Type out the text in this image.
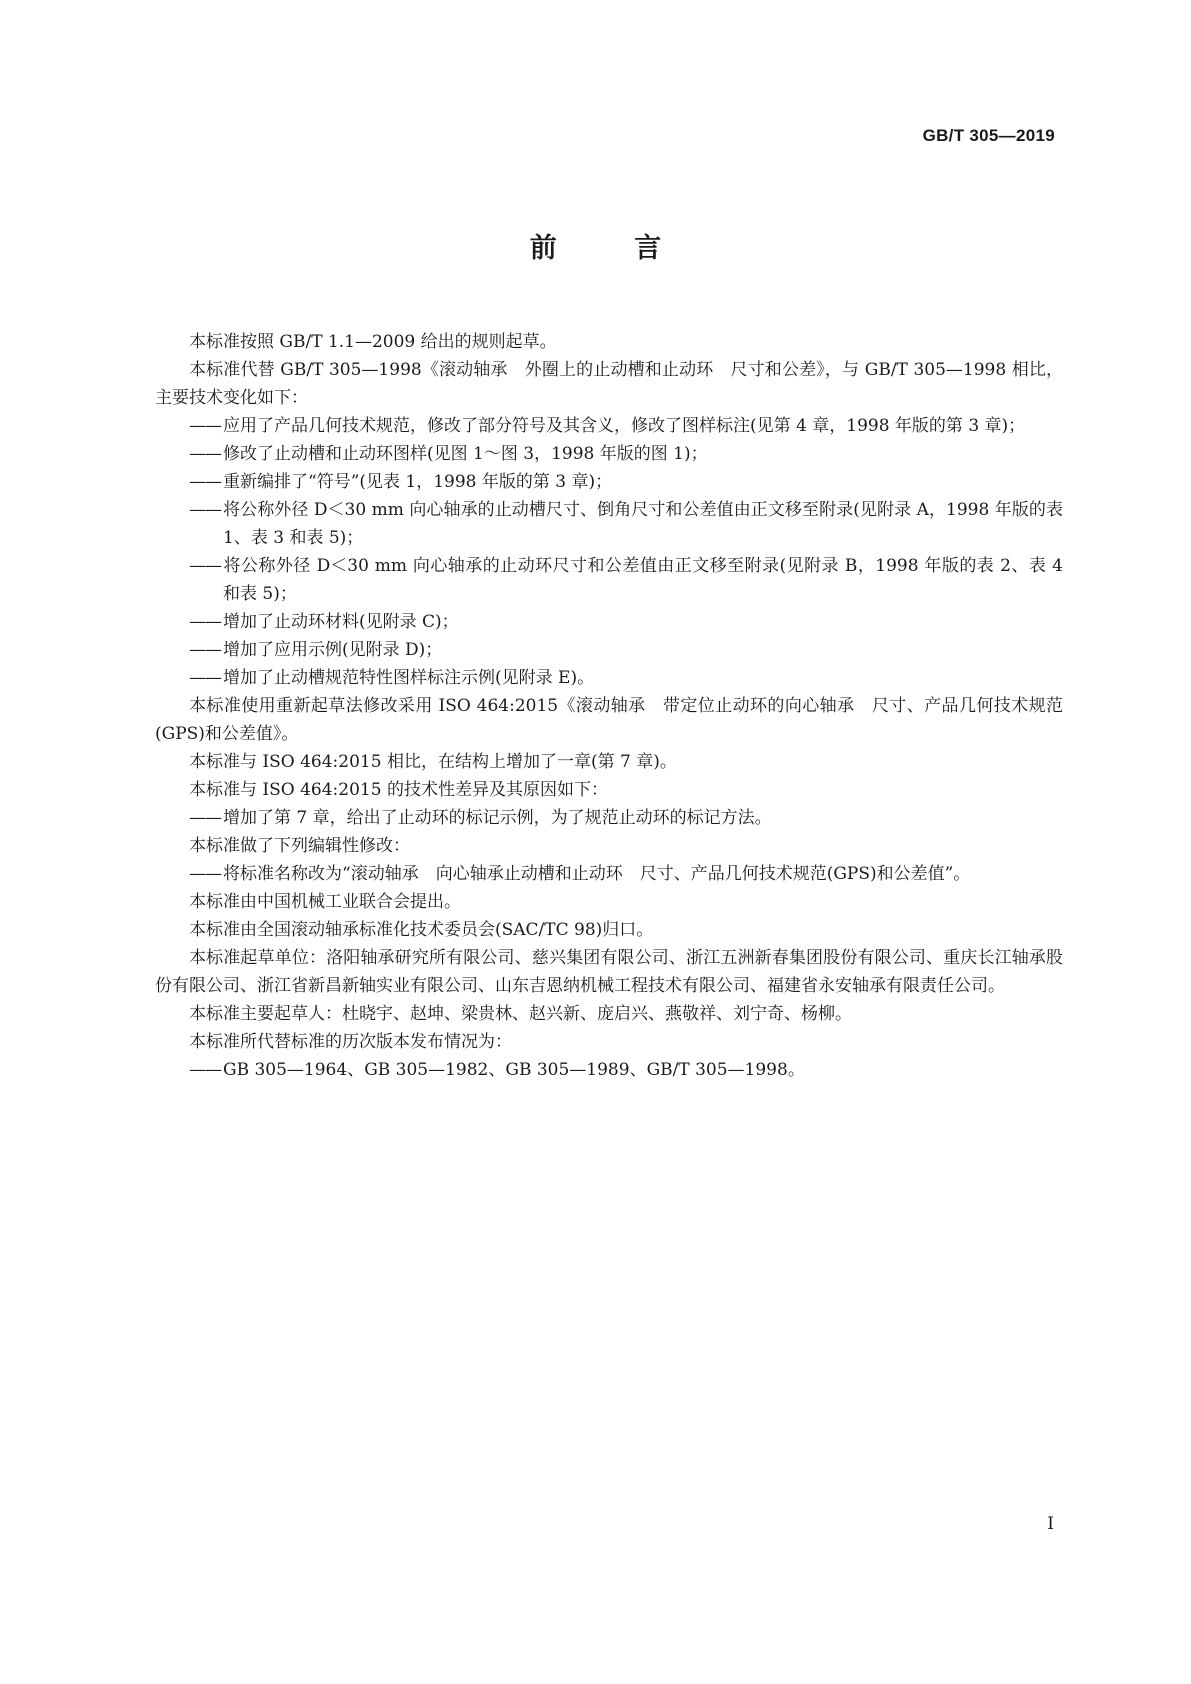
GB/T 305—2019
前 言

本标准按照 GB/T 1.1—2009 给出的规则起草。

本标准代替 GB/T 305—1998《滚动轴承　外圈上的止动槽和止动环　尺寸和公差》，与 GB/T 305—1998 相比，主要技术变化如下：

—— 应用了产品几何技术规范，修改了部分符号及其含义，修改了图样标注(见第 4 章，1998 年版的第 3 章)；

—— 修改了止动槽和止动环图样(见图 1～图 3，1998 年版的图 1)；

—— 重新编排了“符号”(见表 1，1998 年版的第 3 章)；

—— 将公称外径 D＜30 mm 向心轴承的止动槽尺寸、倒角尺寸和公差值由正文移至附录(见附录 A，1998 年版的表 1、表 3 和表 5)；

—— 将公称外径 D＜30 mm 向心轴承的止动环尺寸和公差值由正文移至附录(见附录 B，1998 年版的表 2、表 4 和表 5)；

—— 增加了止动环材料(见附录 C)；

—— 增加了应用示例(见附录 D)；

—— 增加了止动槽规范特性图样标注示例(见附录 E)。

本标准使用重新起草法修改采用 ISO 464:2015《滚动轴承　带定位止动环的向心轴承　尺寸、产品几何技术规范(GPS)和公差值》。

本标准与 ISO 464:2015 相比，在结构上增加了一章(第 7 章)。

本标准与 ISO 464:2015 的技术性差异及其原因如下：

—— 增加了第 7 章，给出了止动环的标记示例，为了规范止动环的标记方法。

本标准做了下列编辑性修改：

—— 将标准名称改为“滚动轴承　向心轴承止动槽和止动环　尺寸、产品几何技术规范(GPS)和公差值”。

本标准由中国机械工业联合会提出。

本标准由全国滚动轴承标准化技术委员会(SAC/TC 98)归口。

本标准起草单位：洛阳轴承研究所有限公司、慈兴集团有限公司、浙江五洲新春集团股份有限公司、重庆长江轴承股份有限公司、浙江省新昌新轴实业有限公司、山东吉恩纳机械工程技术有限公司、福建省永安轴承有限责任公司。

本标准主要起草人：杜晓宇、赵坤、梁贵林、赵兴新、庞启兴、燕敬祥、刘宁奇、杨柳。

本标准所代替标准的历次版本发布情况为：

—— GB 305—1964、GB 305—1982、GB 305—1989、GB/T 305—1998。

I
